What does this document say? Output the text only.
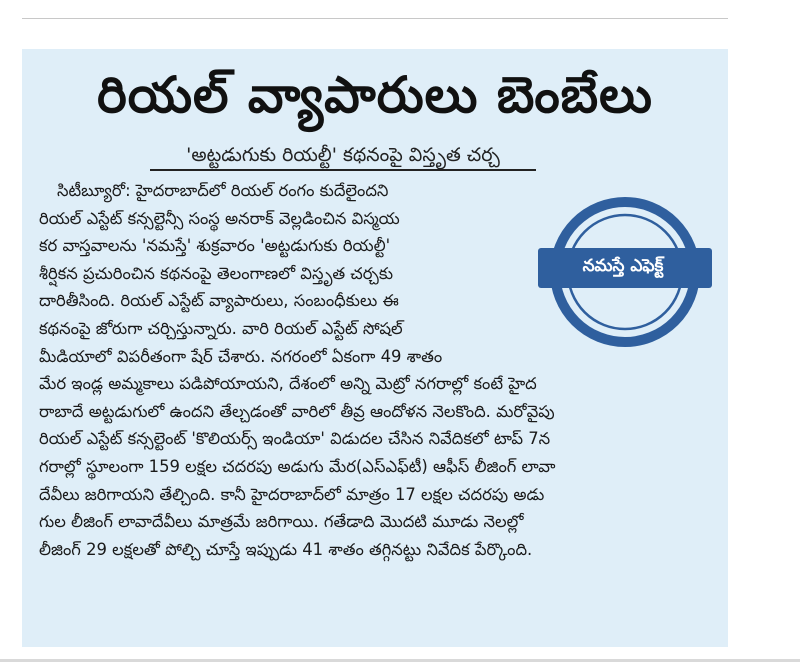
రియల్ వ్యాపారులు బెంబేలు
'అట్టడుగుకు రియల్టీ' కథనంపై విస్తృత చర్చ
సిటీబ్యూరో: హైదరాబాద్‌లో రియల్ రంగం కుదేలైందని
రియల్ ఎస్టేట్ కన్సల్టెన్సీ సంస్థ అనరాక్ వెల్లడించిన విస్మయ
కర వాస్తవాలను 'నమస్తే' శుక్రవారం 'అట్టడుగుకు రియల్టీ'
శీర్షికన ప్రచురించిన కథనంపై తెలంగాణలో విస్తృత చర్చకు
దారితీసింది. రియల్ ఎస్టేట్ వ్యాపారులు, సంబంధీకులు ఈ
కథనంపై జోరుగా చర్చిస్తున్నారు. వారి రియల్ ఎస్టేట్ సోషల్
మీడియాలో విపరీతంగా షేర్ చేశారు. నగరంలో ఏకంగా 49 శాతం
మేర ఇండ్ల అమ్మకాలు పడిపోయాయని, దేశంలో అన్ని మెట్రో నగరాల్లో కంటే హైద
రాబాదే అట్టడుగులో ఉందని తేల్చడంతో వారిలో తీవ్ర ఆందోళన నెలకొంది. మరోవైపు
రియల్ ఎస్టేట్ కన్సల్టెంట్ 'కొలియర్స్ ఇండియా' విడుదల చేసిన నివేదికలో టాప్ 7న
గరాల్లో స్థూలంగా 159 లక్షల చదరపు అడుగు మేర(ఎస్‌ఎఫ్‌టీ) ఆఫీస్ లీజింగ్ లావా
దేవీలు జరిగాయని తేల్చింది. కానీ హైదరాబాద్‌లో మాత్రం 17 లక్షల చదరపు అడు
గుల లీజింగ్ లావాదేవీలు మాత్రమే జరిగాయి. గతేడాది మొదటి మూడు నెలల్లో
లీజింగ్ 29 లక్షలతో పోల్చి చూస్తే ఇప్పుడు 41 శాతం తగ్గినట్టు నివేదిక పేర్కొంది.
నమస్తే ఎఫెక్ట్
